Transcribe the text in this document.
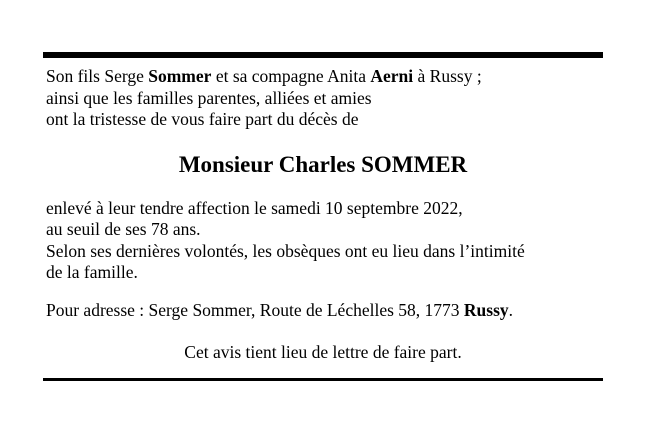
Son fils Serge Sommer et sa compagne Anita Aerni à Russy ;
ainsi que les familles parentes, alliées et amies
ont la tristesse de vous faire part du décès de

Monsieur Charles SOMMER

enlevé à leur tendre affection le samedi 10 septembre 2022,
au seuil de ses 78 ans.
Selon ses dernières volontés, les obsèques ont eu lieu dans l’intimité
de la famille.

Pour adresse : Serge Sommer, Route de Léchelles 58, 1773 Russy.

Cet avis tient lieu de lettre de faire part.
